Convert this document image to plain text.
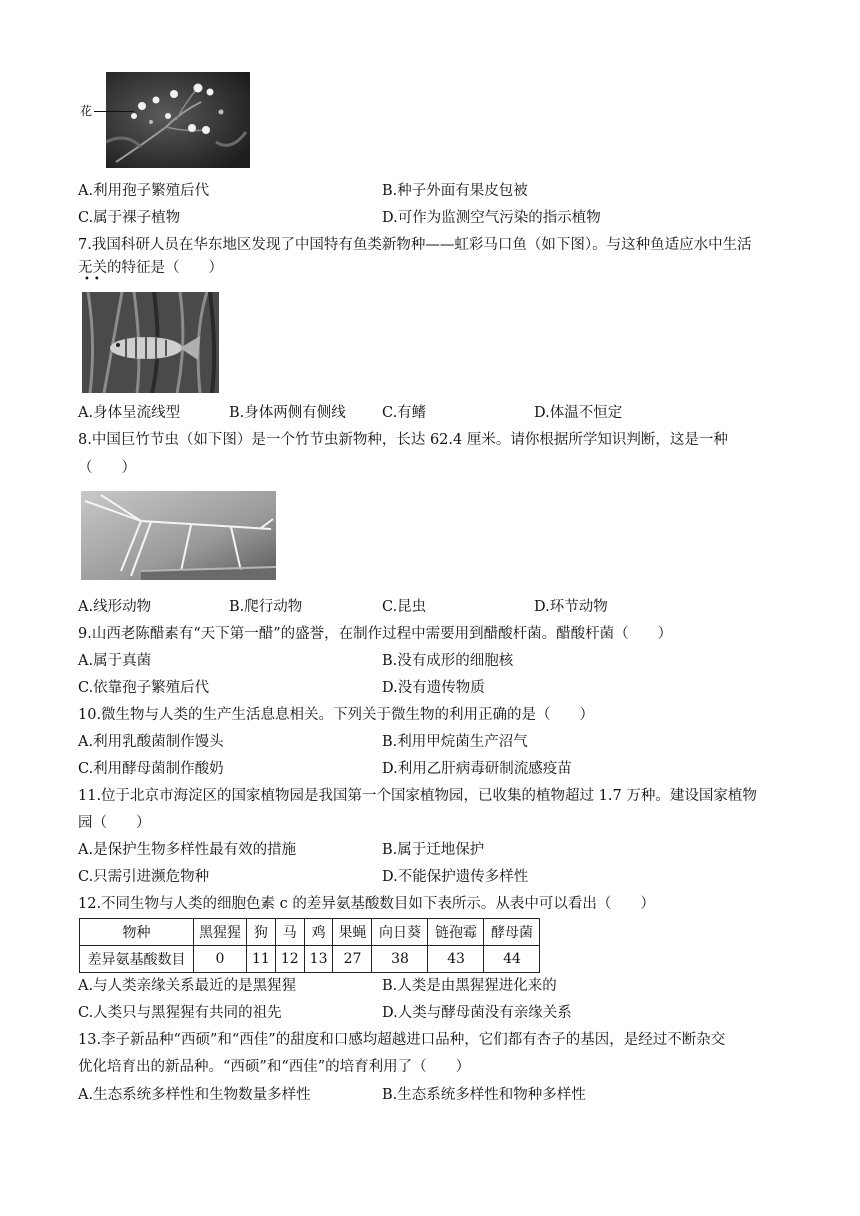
花
A.利用孢子繁殖后代	B.种子外面有果皮包被
C.属于裸子植物	D.可作为监测空气污染的指示植物
7.我国科研人员在华东地区发现了中国特有鱼类新物种——虹彩马口鱼（如下图）。与这种鱼适应水中生活
无关的特征是（　　）
••
A.身体呈流线型	B.身体两侧有侧线 C.有鳍	D.体温不恒定
8.中国巨竹节虫（如下图）是一个竹节虫新物种，长达 62.4 厘米。请你根据所学知识判断，这是一种
（　　）
A.线形动物	B.爬行动物	C.昆虫	D.环节动物
9.山西老陈醋素有“天下第一醋”的盛誉，在制作过程中需要用到醋酸杆菌。醋酸杆菌（　　）
A.属于真菌	B.没有成形的细胞核
C.依靠孢子繁殖后代	D.没有遗传物质
10.微生物与人类的生产生活息息相关。下列关于微生物的利用正确的是（　　）
A.利用乳酸菌制作馒头	B.利用甲烷菌生产沼气
C.利用酵母菌制作酸奶	D.利用乙肝病毒研制流感疫苗
11.位于北京市海淀区的国家植物园是我国第一个国家植物园，已收集的植物超过 1.7 万种。建设国家植物
园（　　）
A.是保护生物多样性最有效的措施	B.属于迁地保护
C.只需引进濒危物种	D.不能保护遗传多样性
12.不同生物与人类的细胞色素 c 的差异氨基酸数目如下表所示。从表中可以看出（　　）
物种	黑猩猩	狗	马	鸡	果蝇	向日葵	链孢霉	酵母菌
差异氨基酸数目	0	11	12	13	27	38	43	44
A.与人类亲缘关系最近的是黑猩猩	B.人类是由黑猩猩进化来的
C.人类只与黑猩猩有共同的祖先	D.人类与酵母菌没有亲缘关系
13.李子新品种“西硕”和“西佳”的甜度和口感均超越进口品种，它们都有杏子的基因，是经过不断杂交
优化培育出的新品种。“西硕”和“西佳”的培育利用了（　　）
A.生态系统多样性和生物数量多样性	B.生态系统多样性和物种多样性
